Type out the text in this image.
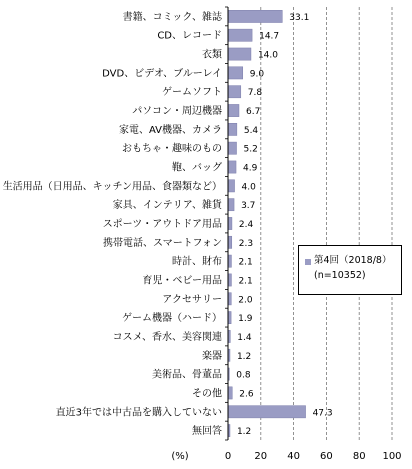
書籍、コミック、雑誌
CD、レコード
衣類
DVD、ビデオ、ブルーレイ
ゲームソフト
パソコン・周辺機器
家電、AV機器、カメラ
おもちゃ・趣味のもの
鞄、バッグ
生活用品（日用品、キッチン用品、食器類など）
家具、インテリア、雑貨
スポーツ・アウトドア用品
携帯電話、スマートフォン
時計、財布
育児・ベビー用品
アクセサリー
ゲーム機器（ハード）
コスメ、香水、美容関連
楽器
美術品、骨董品
その他
直近3年では中古品を購入していない
無回答
33.1
14.7
14.0
9.0
7.8
6.7
5.4
5.2
4.9
4.0
3.7
2.4
2.3
2.1
2.1
2.0
1.9
1.4
1.2
0.8
2.6
47.3
1.2
0 20 40 60 80 100
(%)
第4回（2018/8）
(n=10352)
